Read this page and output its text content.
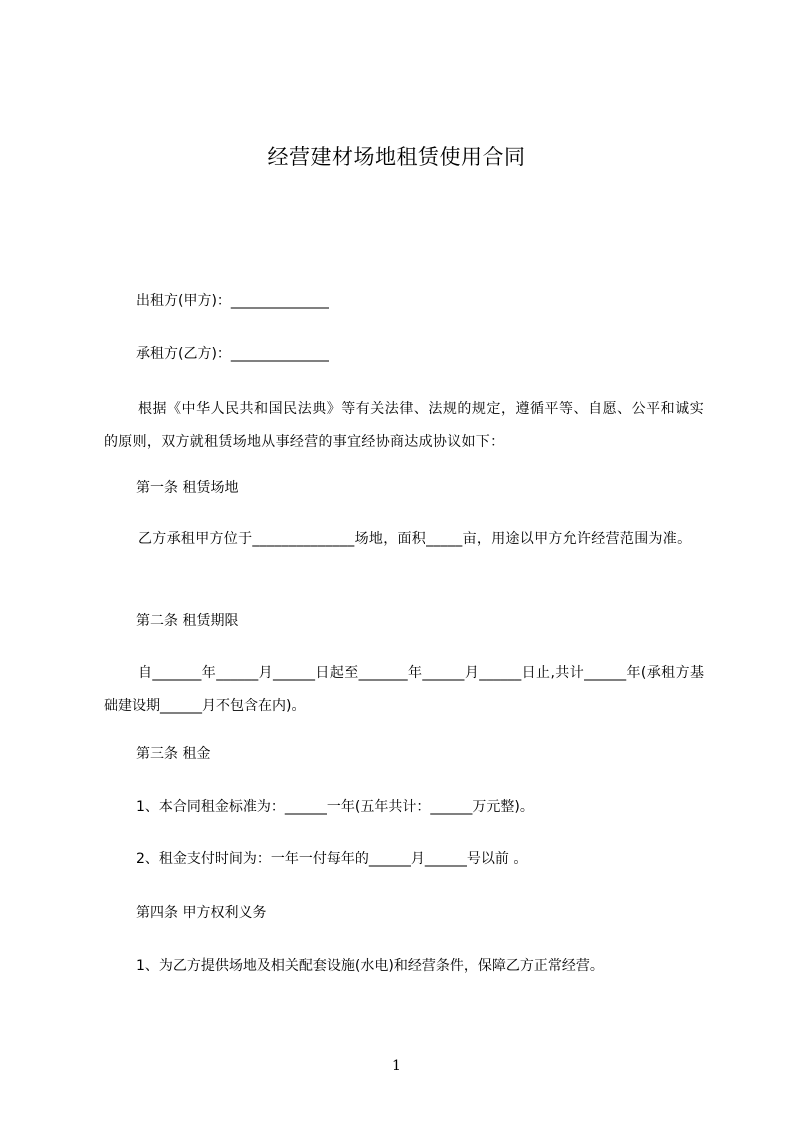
经营建材场地租赁使用合同
出租方(甲方)：______________
承租方(乙方)：______________
根据《中华人民共和国民法典》等有关法律、法规的规定，遵循平等、自愿、公平和诚实的原则，双方就租赁场地从事经营的事宜经协商达成协议如下：
第一条 租赁场地
乙方承租甲方位于______________场地，面积_____亩，用途以甲方允许经营范围为准。
第二条 租赁期限
自_______年______月______日起至_______年______月______日止,共计______年(承租方基础建设期______月不包含在内)。
第三条 租金
1、本合同租金标准为：______一年(五年共计：______万元整)。
2、租金支付时间为：一年一付每年的______月______号以前 。
第四条 甲方权利义务
1、为乙方提供场地及相关配套设施(水电)和经营条件，保障乙方正常经营。
1
